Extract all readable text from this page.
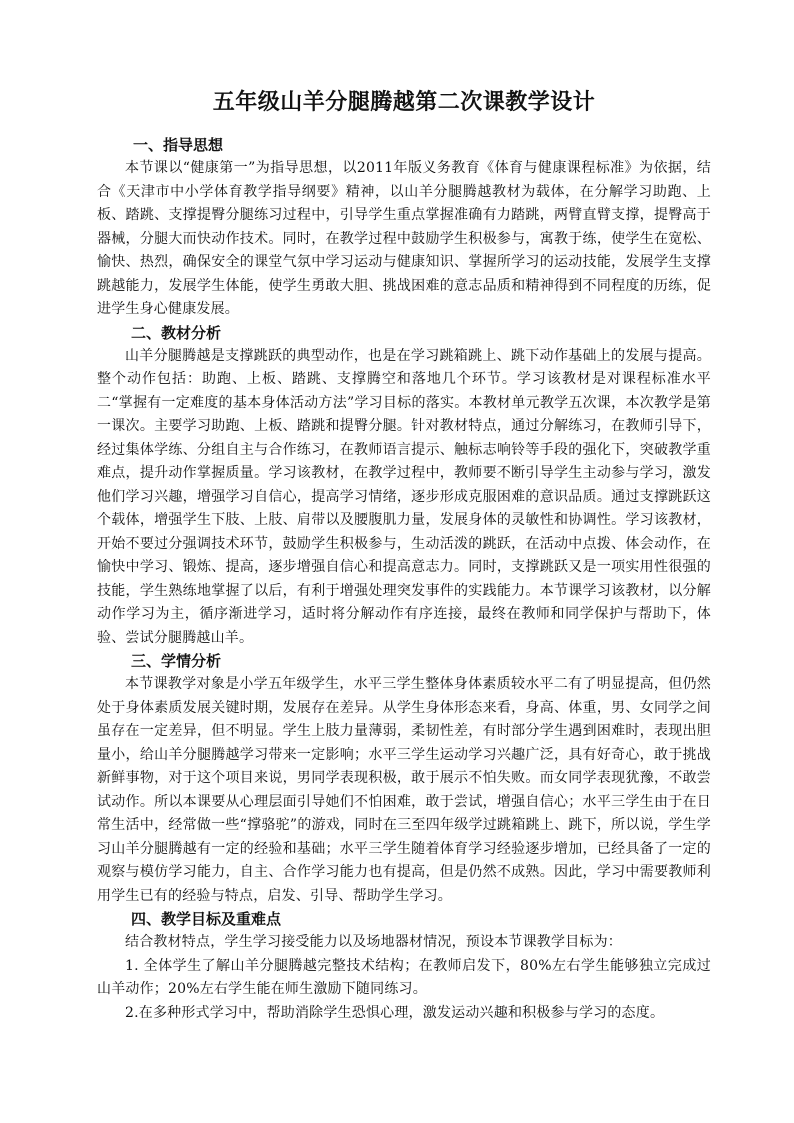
五年级山羊分腿腾越第二次课教学设计
一、指导思想

本节课以“健康第一”为指导思想，以2011年版义务教育《体育与健康课程标准》为依据，结合《天津市中小学体育教学指导纲要》精神，以山羊分腿腾越教材为载体，在分解学习助跑、上板、踏跳、支撑提臀分腿练习过程中，引导学生重点掌握准确有力踏跳，两臂直臂支撑，提臀高于器械，分腿大而快动作技术。同时，在教学过程中鼓励学生积极参与，寓教于练，使学生在宽松、愉快、热烈，确保安全的课堂气氛中学习运动与健康知识、掌握所学习的运动技能，发展学生支撑跳越能力，发展学生体能，使学生勇敢大胆、挑战困难的意志品质和精神得到不同程度的历练，促进学生身心健康发展。

二、教材分析

山羊分腿腾越是支撑跳跃的典型动作，也是在学习跳箱跳上、跳下动作基础上的发展与提高。整个动作包括：助跑、上板、踏跳、支撑腾空和落地几个环节。学习该教材是对课程标准水平二“掌握有一定难度的基本身体活动方法”学习目标的落实。本教材单元教学五次课，本次教学是第一课次。主要学习助跑、上板、踏跳和提臀分腿。针对教材特点，通过分解练习，在教师引导下，经过集体学练、分组自主与合作练习，在教师语言提示、触标志响铃等手段的强化下，突破教学重难点，提升动作掌握质量。学习该教材，在教学过程中，教师要不断引导学生主动参与学习，激发他们学习兴趣，增强学习自信心，提高学习情绪，逐步形成克服困难的意识品质。通过支撑跳跃这个载体，增强学生下肢、上肢、肩带以及腰腹肌力量，发展身体的灵敏性和协调性。学习该教材，开始不要过分强调技术环节，鼓励学生积极参与，生动活泼的跳跃，在活动中点拨、体会动作，在愉快中学习、锻炼、提高，逐步增强自信心和提高意志力。同时，支撑跳跃又是一项实用性很强的技能，学生熟练地掌握了以后，有利于增强处理突发事件的实践能力。本节课学习该教材，以分解动作学习为主，循序渐进学习，适时将分解动作有序连接，最终在教师和同学保护与帮助下，体验、尝试分腿腾越山羊。

三、学情分析

本节课教学对象是小学五年级学生，水平三学生整体身体素质较水平二有了明显提高，但仍然处于身体素质发展关键时期，发展存在差异。从学生身体形态来看，身高、体重，男、女同学之间虽存在一定差异，但不明显。学生上肢力量薄弱，柔韧性差，有时部分学生遇到困难时，表现出胆量小，给山羊分腿腾越学习带来一定影响；水平三学生运动学习兴趣广泛，具有好奇心，敢于挑战新鲜事物，对于这个项目来说，男同学表现积极，敢于展示不怕失败。而女同学表现犹豫，不敢尝试动作。所以本课要从心理层面引导她们不怕困难，敢于尝试，增强自信心；水平三学生由于在日常生活中，经常做一些“撑骆驼”的游戏，同时在三至四年级学过跳箱跳上、跳下，所以说，学生学习山羊分腿腾越有一定的经验和基础；水平三学生随着体育学习经验逐步增加，已经具备了一定的观察与模仿学习能力，自主、合作学习能力也有提高，但是仍然不成熟。因此，学习中需要教师利用学生已有的经验与特点，启发、引导、帮助学生学习。

四、教学目标及重难点

结合教材特点，学生学习接受能力以及场地器材情况，预设本节课教学目标为：

1. 全体学生了解山羊分腿腾越完整技术结构；在教师启发下，80%左右学生能够独立完成过山羊动作；20%左右学生能在师生激励下随同练习。

2.在多种形式学习中，帮助消除学生恐惧心理，激发运动兴趣和积极参与学习的态度。
